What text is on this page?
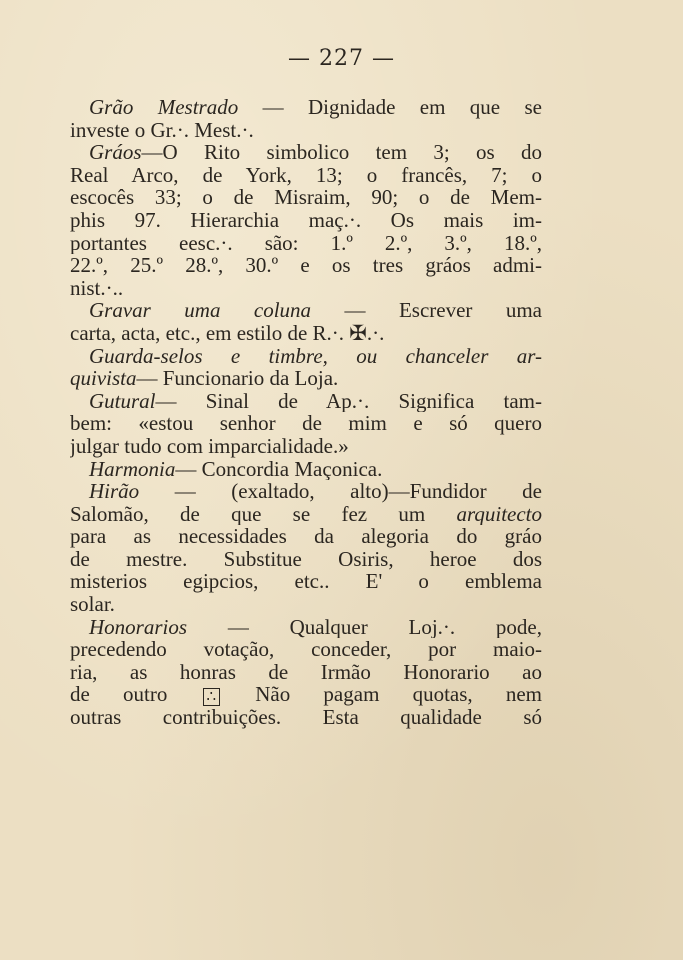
— 227 —
Grão Mestrado — Dignidade em que se
investe o Gr.·. Mest.·.
Gráos—O Rito simbolico tem 3; os do
Real Arco, de York, 13; o francês, 7; o
escocês 33; o de Misraim, 90; o de Mem-
phis 97. Hierarchia maç.·. Os mais im-
portantes eesc.·. são: 1.º 2.º, 3.º, 18.º,
22.º, 25.º 28.º, 30.º e os tres gráos admi-
nist.·..
Gravar uma coluna — Escrever uma
carta, acta, etc., em estilo de R.·. ✠.·.
Guarda-selos e timbre, ou chanceler ar-
quivista— Funcionario da Loja.
Gutural— Sinal de Ap.·. Significa tam-
bem: «estou senhor de mim e só quero
julgar tudo com imparcialidade.»
Harmonia— Concordia Maçonica.
Hirão — (exaltado, alto)—Fundidor de
Salomão, de que se fez um arquitecto
para as necessidades da alegoria do gráo
de mestre. Substitue Osiris, heroe dos
misterios egipcios, etc.. E' o emblema
solar.
Honorarios — Qualquer Loj.·. pode,
precedendo votação, conceder, por maio-
ria, as honras de Irmão Honorario ao
de outro	∴ Não pagam quotas, nem
outras contribuições. Esta qualidade só
